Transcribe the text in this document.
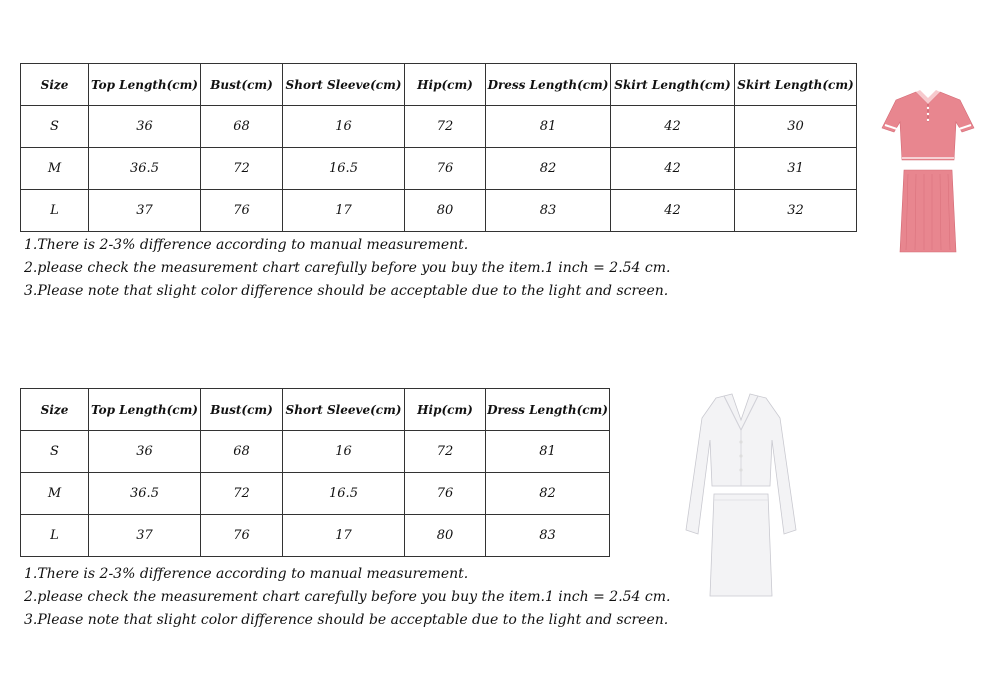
Size	Top Length(cm)	Bust(cm)	Short Sleeve(cm)	Hip(cm)	Dress Length(cm)	Skirt Length(cm)	Skirt Length(cm)
S	36	68	16	72	81	42	30
M	36.5	72	16.5	76	82	42	31
L	37	76	17	80	83	42	32
1.There is 2-3% difference according to manual measurement.
2.please check the measurement chart carefully before you buy the item.1 inch = 2.54 cm.
3.Please note that slight color difference should be acceptable due to the light and screen.
Size	Top Length(cm)	Bust(cm)	Short Sleeve(cm)	Hip(cm)	Dress Length(cm)
S	36	68	16	72	81
M	36.5	72	16.5	76	82
L	37	76	17	80	83
1.There is 2-3% difference according to manual measurement.
2.please check the measurement chart carefully before you buy the item.1 inch = 2.54 cm.
3.Please note that slight color difference should be acceptable due to the light and screen.
